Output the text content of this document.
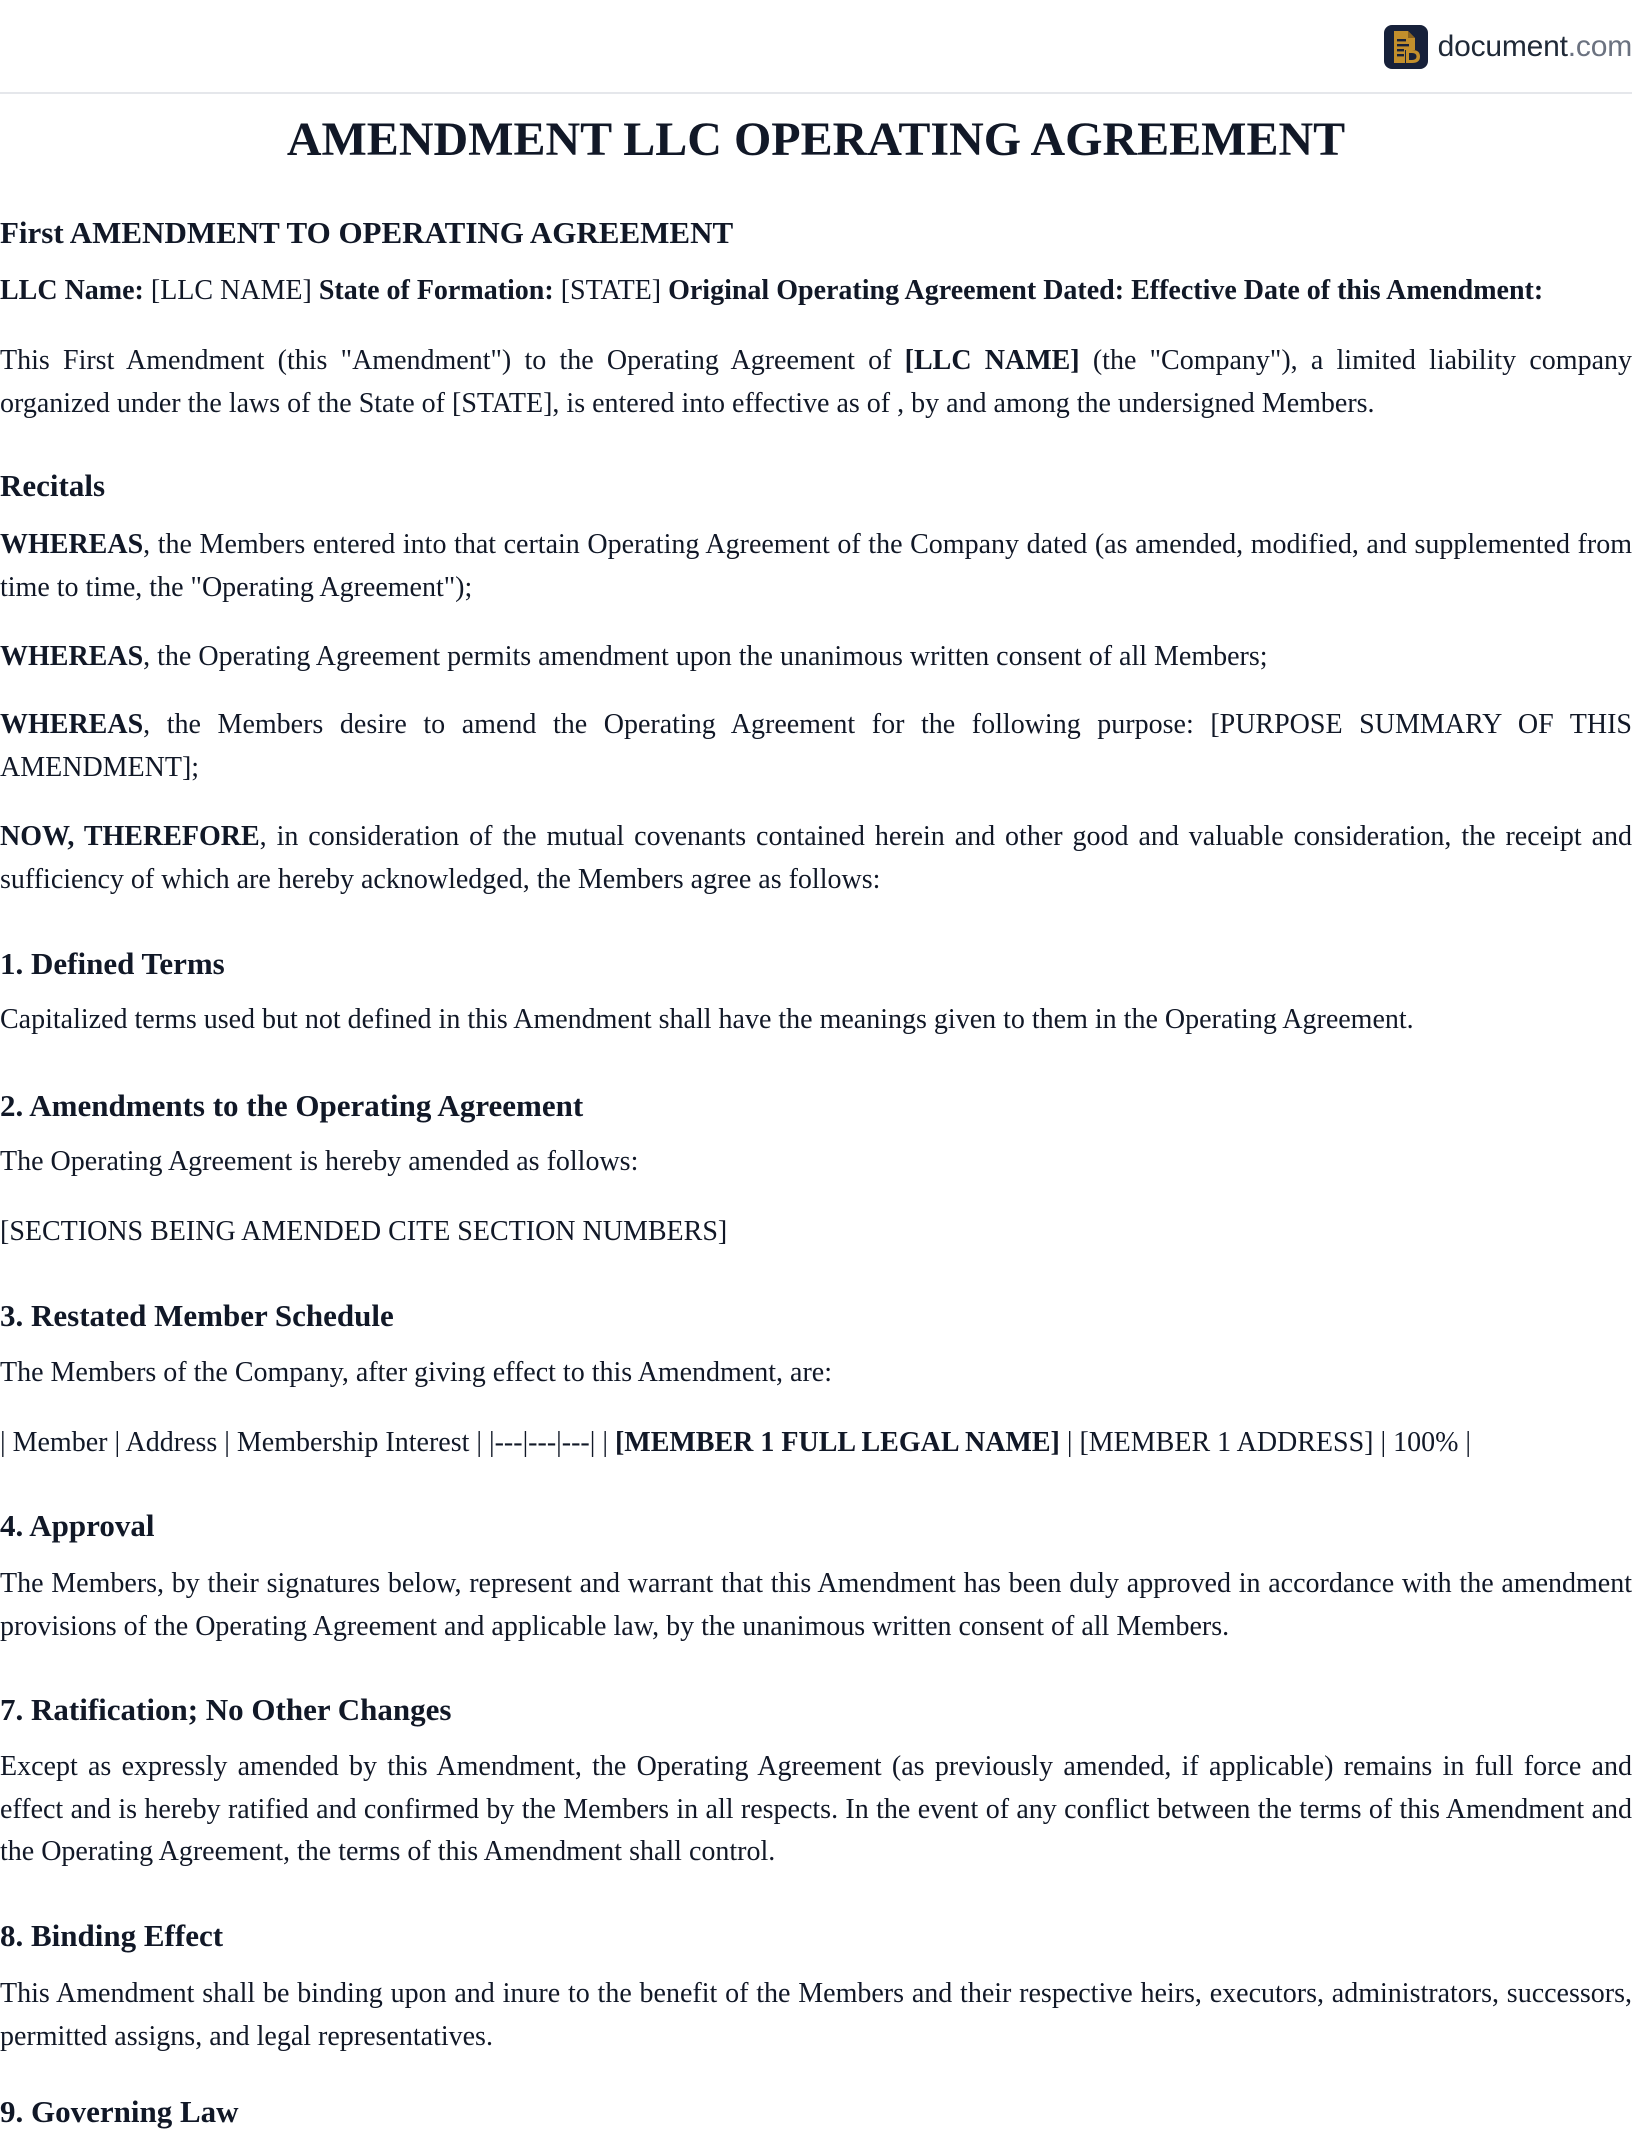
document.com
AMENDMENT LLC OPERATING AGREEMENT
First AMENDMENT TO OPERATING AGREEMENT
LLC Name: [LLC NAME] State of Formation: [STATE] Original Operating Agreement Dated: Effective Date of this Amendment:

This First Amendment (this "Amendment") to the Operating Agreement of [LLC NAME] (the "Company"), a limited liability company organized under the laws of the State of [STATE], is entered into effective as of , by and among the undersigned Members.

Recitals

WHEREAS, the Members entered into that certain Operating Agreement of the Company dated (as amended, modified, and supplemented from time to time, the "Operating Agreement");

WHEREAS, the Operating Agreement permits amendment upon the unanimous written consent of all Members;

WHEREAS, the Members desire to amend the Operating Agreement for the following purpose: [PURPOSE SUMMARY OF THIS AMENDMENT];

NOW, THEREFORE, in consideration of the mutual covenants contained herein and other good and valuable consideration, the receipt and sufficiency of which are hereby acknowledged, the Members agree as follows:

1. Defined Terms

Capitalized terms used but not defined in this Amendment shall have the meanings given to them in the Operating Agreement.

2. Amendments to the Operating Agreement

The Operating Agreement is hereby amended as follows:

[SECTIONS BEING AMENDED CITE SECTION NUMBERS]

3. Restated Member Schedule

The Members of the Company, after giving effect to this Amendment, are:

| Member | Address | Membership Interest | |---|---|---| | [MEMBER 1 FULL LEGAL NAME] | [MEMBER 1 ADDRESS] | 100% |

4. Approval

The Members, by their signatures below, represent and warrant that this Amendment has been duly approved in accordance with the amendment provisions of the Operating Agreement and applicable law, by the unanimous written consent of all Members.

7. Ratification; No Other Changes

Except as expressly amended by this Amendment, the Operating Agreement (as previously amended, if applicable) remains in full force and effect and is hereby ratified and confirmed by the Members in all respects. In the event of any conflict between the terms of this Amendment and the Operating Agreement, the terms of this Amendment shall control.

8. Binding Effect

This Amendment shall be binding upon and inure to the benefit of the Members and their respective heirs, executors, administrators, successors, permitted assigns, and legal representatives.

9. Governing Law
